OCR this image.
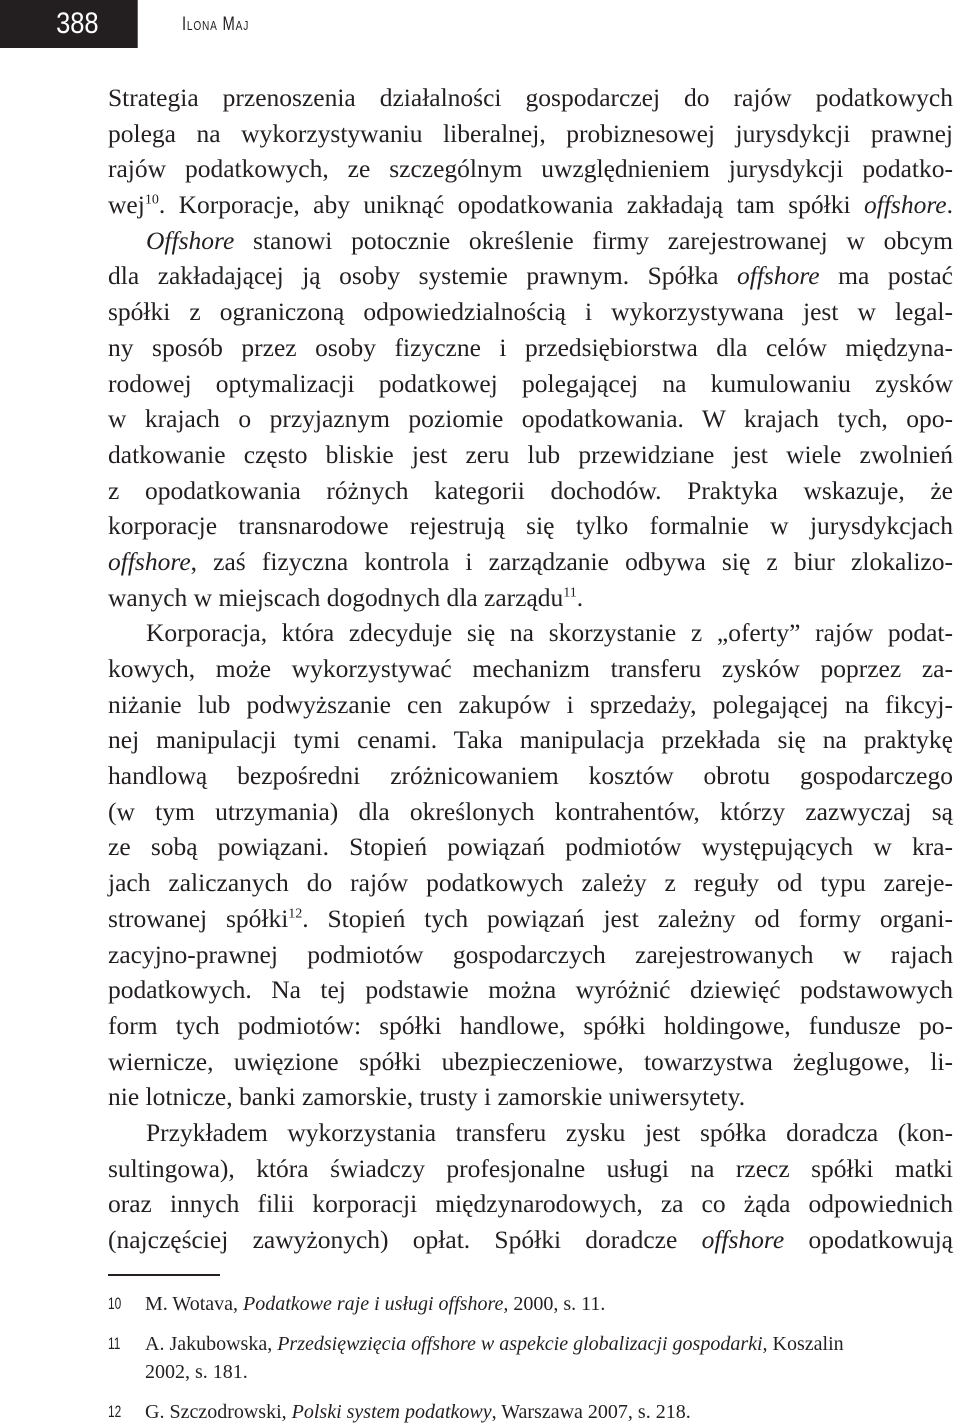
388	Ilona Maj
Strategia przenoszenia działalności gospodarczej do rajów podatkowych
polega na wykorzystywaniu liberalnej, probiznesowej jurysdykcji prawnej
rajów podatkowych, ze szczególnym uwzględnieniem jurysdykcji podatko-
wej$^{10}$. Korporacje, aby uniknąć opodatkowania zakładają tam spółki offshore.
Offshore stanowi potocznie określenie firmy zarejestrowanej w obcym
dla zakładającej ją osoby systemie prawnym. Spółka offshore ma postać
spółki z ograniczoną odpowiedzialnością i wykorzystywana jest w legal-
ny sposób przez osoby fizyczne i przedsiębiorstwa dla celów międzyna-
rodowej optymalizacji podatkowej polegającej na kumulowaniu zysków
w krajach o przyjaznym poziomie opodatkowania. W krajach tych, opo-
datkowanie często bliskie jest zeru lub przewidziane jest wiele zwolnień
z opodatkowania różnych kategorii dochodów. Praktyka wskazuje, że
korporacje transnarodowe rejestrują się tylko formalnie w jurysdykcjach
offshore, zaś fizyczna kontrola i zarządzanie odbywa się z biur zlokalizo-
wanych w miejscach dogodnych dla zarządu$^{11}$.
Korporacja, która zdecyduje się na skorzystanie z „oferty” rajów podat-
kowych, może wykorzystywać mechanizm transferu zysków poprzez za-
niżanie lub podwyższanie cen zakupów i sprzedaży, polegającej na fikcyj-
nej manipulacji tymi cenami. Taka manipulacja przekłada się na praktykę
handlową bezpośredni zróżnicowaniem kosztów obrotu gospodarczego
(w tym utrzymania) dla określonych kontrahentów, którzy zazwyczaj są
ze sobą powiązani. Stopień powiązań podmiotów występujących w kra-
jach zaliczanych do rajów podatkowych zależy z reguły od typu zareje-
strowanej spółki$^{12}$. Stopień tych powiązań jest zależny od formy organi-
zacyjno-prawnej podmiotów gospodarczych zarejestrowanych w rajach
podatkowych. Na tej podstawie można wyróżnić dziewięć podstawowych
form tych podmiotów: spółki handlowe, spółki holdingowe, fundusze po-
wiernicze, uwięzione spółki ubezpieczeniowe, towarzystwa żeglugowe, li-
nie lotnicze, banki zamorskie, trusty i zamorskie uniwersytety.
Przykładem wykorzystania transferu zysku jest spółka doradcza (kon-
sultingowa), która świadczy profesjonalne usługi na rzecz spółki matki
oraz innych filii korporacji międzynarodowych, za co żąda odpowiednich
(najczęściej zawyżonych) opłat. Spółki doradcze offshore opodatkowują
10 M. Wotava, Podatkowe raje i usługi offshore, 2000, s. 11.
11 A. Jakubowska, Przedsięwzięcia offshore w aspekcie globalizacji gospodarki, Koszalin
2002, s. 181.
12 G. Szczodrowski, Polski system podatkowy, Warszawa 2007, s. 218.
